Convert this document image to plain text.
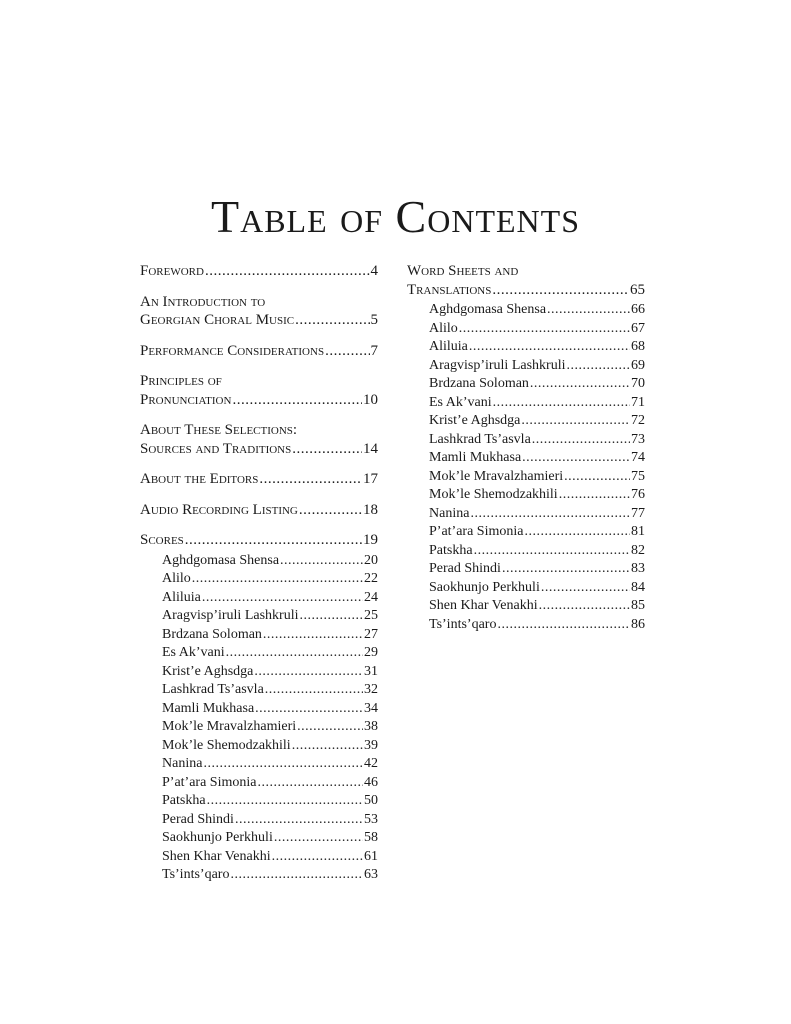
Table of Contents
Foreword .....	4
An Introduction to
Georgian Choral Music .....	5
Performance Considerations .....	7
Principles of
Pronunciation .....	10
About These Selections:
Sources and Traditions .....	14
About the Editors .....	17
Audio Recording Listing .....	18
Scores .....	19
Aghdgomasa Shensa .....	20
Alilo .....	22
Aliluia .....	24
Aragvisp’iruli Lashkruli .....	25
Brdzana Soloman .....	27
Es Ak’vani .....	29
Krist’e Aghsdga .....	31
Lashkrad Ts’asvla .....	32
Mamli Mukhasa .....	34
Mok’le Mravalzhamieri .....	38
Mok’le Shemodzakhili .....	39
Nanina .....	42
P’at’ara Simonia .....	46
Patskha .....	50
Perad Shindi .....	53
Saokhunjo Perkhuli .....	58
Shen Khar Venakhi .....	61
Ts’ints’qaro .....	63
Word Sheets and
Translations .....	65
Aghdgomasa Shensa .....	66
Alilo .....	67
Aliluia .....	68
Aragvisp’iruli Lashkruli .....	69
Brdzana Soloman .....	70
Es Ak’vani .....	71
Krist’e Aghsdga .....	72
Lashkrad Ts’asvla .....	73
Mamli Mukhasa .....	74
Mok’le Mravalzhamieri .....	75
Mok’le Shemodzakhili .....	76
Nanina .....	77
P’at’ara Simonia .....	81
Patskha .....	82
Perad Shindi .....	83
Saokhunjo Perkhuli .....	84
Shen Khar Venakhi .....	85
Ts’ints’qaro .....	86
